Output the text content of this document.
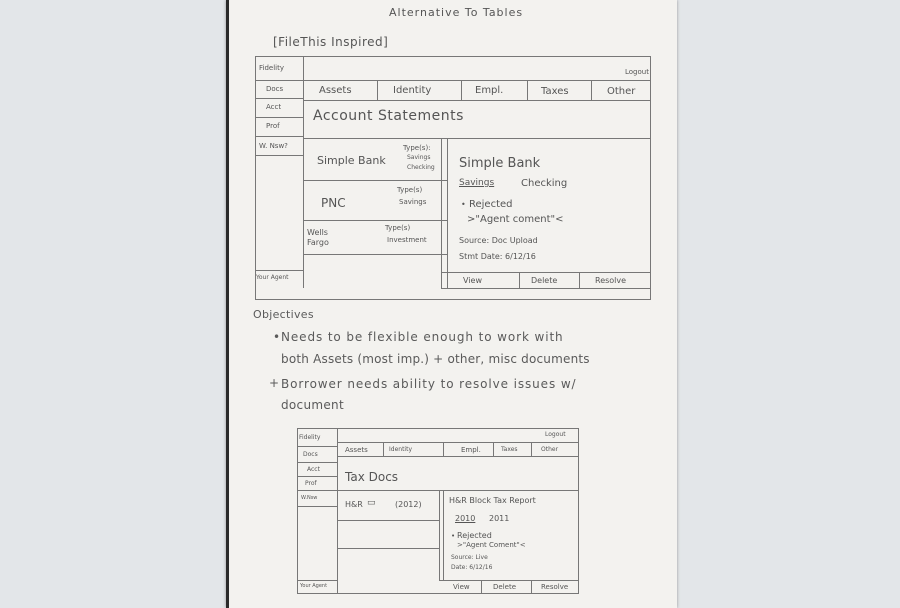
Alternative To Tables
[FileThis Inspired]
Fidelity
Docs
Acct
Prof
W. Nsw?
Your Agent
Logout
Assets	Identity	Empl.	Taxes	Other
Account Statements
Simple Bank
Type(s):
Savings
Checking
PNC
Type(s)
Savings
Wells Fargo
Type(s)
Investment
Simple Bank
Savings	Checking
• Rejected
>"Agent coment"<
Source: Doc Upload
Stmt Date: 6/12/16
View	Delete	Resolve
Objectives
• Needs to be flexible enough to work with
both Assets (most imp.) + other, misc documents
+ Borrower needs ability to resolve issues w/
document
Fidelity
Docs
Acct
Prof
W.Nsw
Your Agent
Logout
Assets	Identity	Empl.	Taxes	Other
Tax Docs
H&R ▭ (2012)	H&R Block Tax Report
2010 2011
• Rejected
>"Agent Coment"<
Source: Live
Date: 6/12/16
View	Delete	Resolve
